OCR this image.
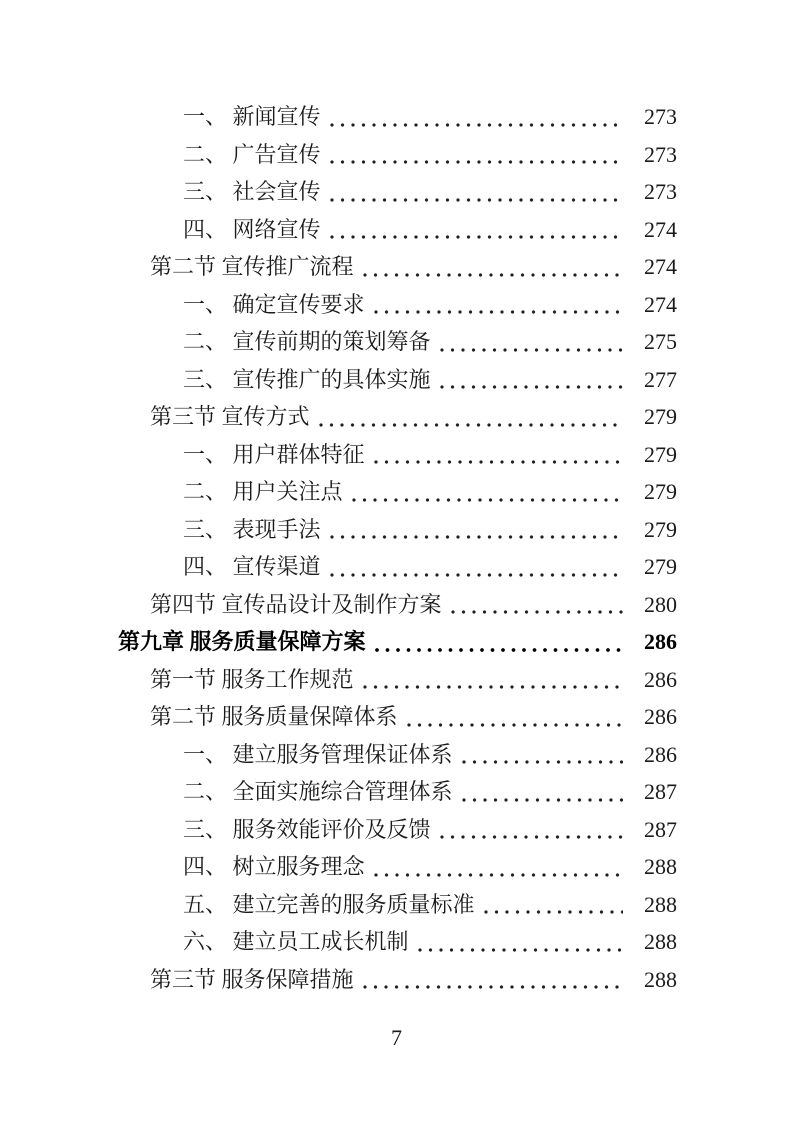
一、 新闻宣传	273
二、 广告宣传	273
三、 社会宣传	273
四、 网络宣传	274
第二节 宣传推广流程	274
一、 确定宣传要求	274
二、 宣传前期的策划筹备	275
三、 宣传推广的具体实施	277
第三节 宣传方式	279
一、 用户群体特征	279
二、 用户关注点	279
三、 表现手法	279
四、 宣传渠道	279
第四节 宣传品设计及制作方案	280
第九章 服务质量保障方案	286
第一节 服务工作规范	286
第二节 服务质量保障体系	286
一、 建立服务管理保证体系	286
二、 全面实施综合管理体系	287
三、 服务效能评价及反馈	287
四、 树立服务理念	288
五、 建立完善的服务质量标准	288
六、 建立员工成长机制	288
第三节 服务保障措施	288
7
